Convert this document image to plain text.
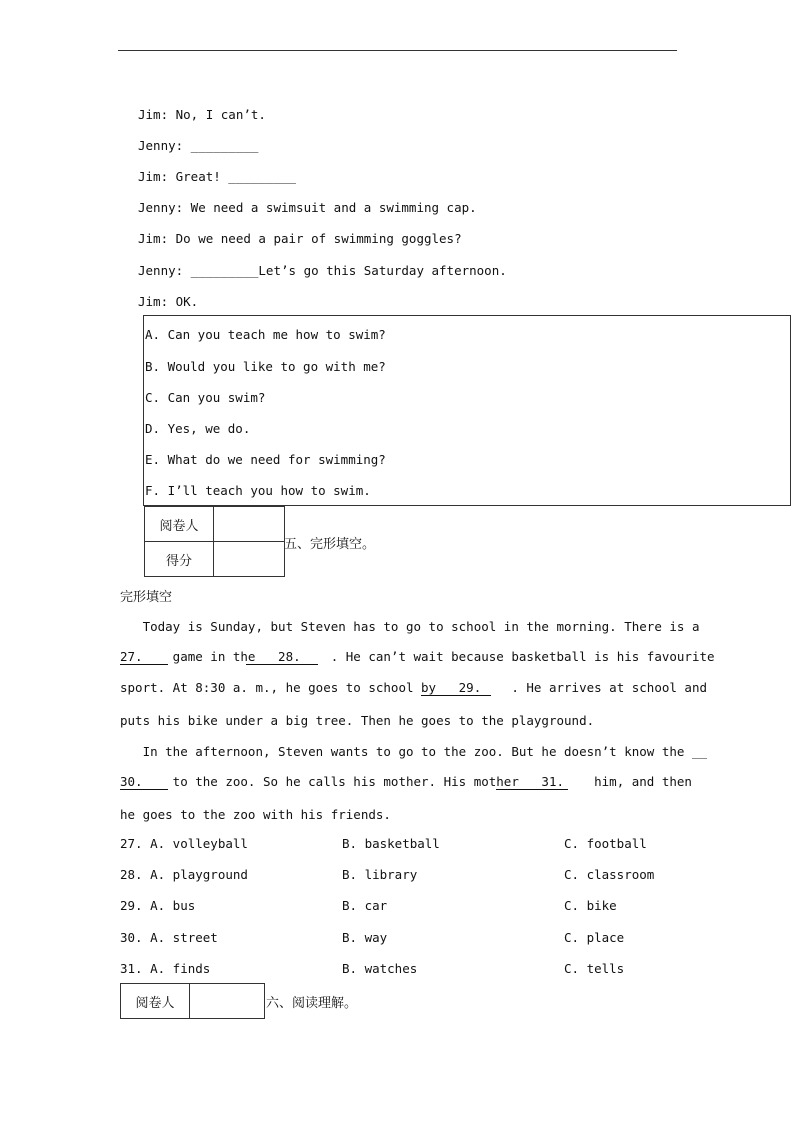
Jim: No, I can’t.
Jenny: _________
Jim: Great! _________
Jenny: We need a swimsuit and a swimming cap.
Jim: Do we need a pair of swimming goggles?
Jenny: _________Let’s go this Saturday afternoon.
Jim: OK.
A. Can you teach me how to swim?
B. Would you like to go with me?
C. Can you swim?
D. Yes, we do.
E. What do we need for swimming?
F. I’ll teach you how to swim.
阅卷人	
得分	
五、完形填空。
完形填空
Today is Sunday, but Steven has to go to school in the morning. There is a
27.    game in the   28.    . He can’t wait because basketball is his favourite
sport. At 8:30 a. m., he goes to school by   29.    . He arrives at school and
puts his bike under a big tree. Then he goes to the playground.
In the afternoon, Steven wants to go to the zoo. But he doesn’t know the __
30.    to the zoo. So he calls his mother. His mother   31.    him, and then
he goes to the zoo with his friends.
27. A. volleyball	B. basketball	C. football
28. A. playground	B. library	C. classroom
29. A. bus	B. car	C. bike
30. A. street	B. way	C. place
31. A. finds	B. watches	C. tells
阅卷人		六、阅读理解。
